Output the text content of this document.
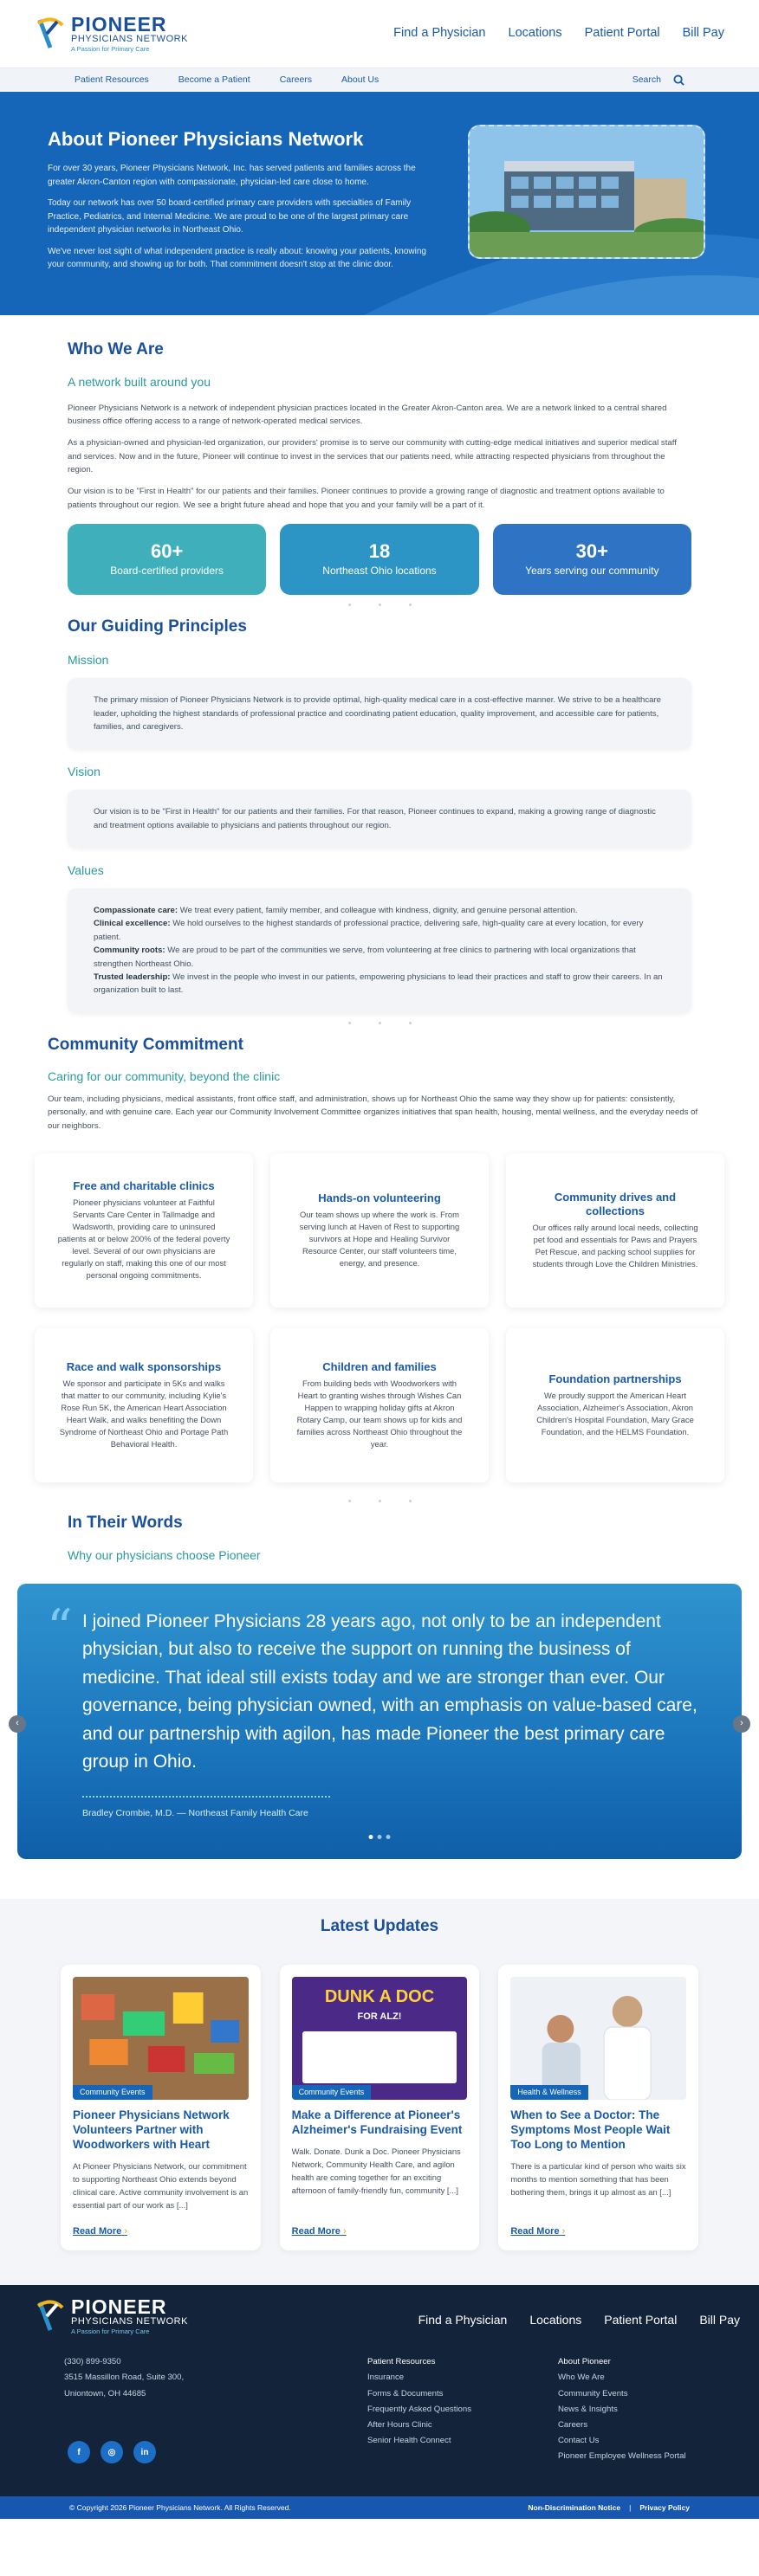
PIONEER
PHYSICIANS NETWORK
A Passion for Primary Care
Find a Physician Locations Patient Portal Bill Pay
Patient Resources	Become a Patient	Careers	About Us	Search
About Pioneer Physicians Network

For over 30 years, Pioneer Physicians Network, Inc. has served patients and families across the greater Akron-Canton region with compassionate, physician-led care close to home.

Today our network has over 50 board-certified primary care providers with specialties of Family Practice, Pediatrics, and Internal Medicine. We are proud to be one of the largest primary care independent physician networks in Northeast Ohio.

We've never lost sight of what independent practice is really about: knowing your patients, knowing your community, and showing up for both. That commitment doesn't stop at the clinic door.

Who We Are
A network built around you

Pioneer Physicians Network is a network of independent physician practices located in the Greater Akron-Canton area. We are a network linked to a central shared business office offering access to a range of network-operated medical services.

As a physician-owned and physician-led organization, our providers' promise is to serve our community with cutting-edge medical initiatives and superior medical staff and services. Now and in the future, Pioneer will continue to invest in the services that our patients need, while attracting respected physicians from throughout the region.

Our vision is to be "First in Health" for our patients and their families. Pioneer continues to provide a growing range of diagnostic and treatment options available to patients throughout our region. We see a bright future ahead and hope that you and your family will be a part of it.

60+
Board-certified providers
18
Northeast Ohio locations
30+
Years serving our community
Our Guiding Principles
Mission
The primary mission of Pioneer Physicians Network is to provide optimal, high-quality medical care in a cost-effective manner. We strive to be a healthcare leader, upholding the highest standards of professional practice and coordinating patient education, quality improvement, and accessible care for patients, families, and caregivers.
Vision
Our vision is to be "First in Health" for our patients and their families. For that reason, Pioneer continues to expand, making a growing range of diagnostic and treatment options available to physicians and patients throughout our region.
Values
Compassionate care: We treat every patient, family member, and colleague with kindness, dignity, and genuine personal attention.
Clinical excellence: We hold ourselves to the highest standards of professional practice, delivering safe, high-quality care at every location, for every patient.
Community roots: We are proud to be part of the communities we serve, from volunteering at free clinics to partnering with local organizations that strengthen Northeast Ohio.
Trusted leadership: We invest in the people who invest in our patients, empowering physicians to lead their practices and staff to grow their careers. In an organization built to last.
Community Commitment
Caring for our community, beyond the clinic

Our team, including physicians, medical assistants, front office staff, and administration, shows up for Northeast Ohio the same way they show up for patients: consistently, personally, and with genuine care. Each year our Community Involvement Committee organizes initiatives that span health, housing, mental wellness, and the everyday needs of our neighbors.

Free and charitable clinics

Pioneer physicians volunteer at Faithful Servants Care Center in Tallmadge and Wadsworth, providing care to uninsured patients at or below 200% of the federal poverty level. Several of our own physicians are regularly on staff, making this one of our most personal ongoing commitments.

Hands-on volunteering

Our team shows up where the work is. From serving lunch at Haven of Rest to supporting survivors at Hope and Healing Survivor Resource Center, our staff volunteers time, energy, and presence.

Community drives and collections

Our offices rally around local needs, collecting pet food and essentials for Paws and Prayers Pet Rescue, and packing school supplies for students through Love the Children Ministries.

Race and walk sponsorships

We sponsor and participate in 5Ks and walks that matter to our community, including Kylie's Rose Run 5K, the American Heart Association Heart Walk, and walks benefiting the Down Syndrome of Northeast Ohio and Portage Path Behavioral Health.

Children and families

From building beds with Woodworkers with Heart to granting wishes through Wishes Can Happen to wrapping holiday gifts at Akron Rotary Camp, our team shows up for kids and families across Northeast Ohio throughout the year.

Foundation partnerships

We proudly support the American Heart Association, Alzheimer's Association, Akron Children's Hospital Foundation, Mary Grace Foundation, and the HELMS Foundation.

In Their Words
Why our physicians choose Pioneer
“ I joined Pioneer Physicians 28 years ago, not only to be an independent physician, but also to receive the support on running the business of medicine. That ideal still exists today and we are stronger than ever. Our governance, being physician owned, with an emphasis on value-based care, and our partnership with agilon, has made Pioneer the best primary care group in Ohio.
Bradley Crombie, M.D. — Northeast Family Health Care
‹	›
Latest Updates
Community Events
Pioneer Physicians Network Volunteers Partner with Woodworkers with Heart

At Pioneer Physicians Network, our commitment to supporting Northeast Ohio extends beyond clinical care. Active community involvement is an essential part of our work as [...]

Read More ›
DUNK A DOC
FOR ALZ!
Community Events
Make a Difference at Pioneer's Alzheimer's Fundraising Event

Walk. Donate. Dunk a Doc. Pioneer Physicians Network, Community Health Care, and agilon health are coming together for an exciting afternoon of family-friendly fun, community [...]

Read More ›
Health & Wellness
When to See a Doctor: The Symptoms Most People Wait Too Long to Mention

There is a particular kind of person who waits six months to mention something that has been bothering them, brings it up almost as an [...]

Read More ›
PIONEER
PHYSICIANS NETWORK
A Passion for Primary Care
Find a Physician Locations Patient Portal Bill Pay
(330) 899-9350
3515 Massillon Road, Suite 300,
Uniontown, OH 44685
Patient Resources
Insurance
Forms & Documents
Frequently Asked Questions
After Hours Clinic
Senior Health Connect
About Pioneer
Who We Are
Community Events
News & Insights
Careers
Contact Us
Pioneer Employee Wellness Portal
f	◎	in
© Copyright 2026 Pioneer Physicians Network. All Rights Reserved.	Non-Discrimination Notice | Privacy Policy
